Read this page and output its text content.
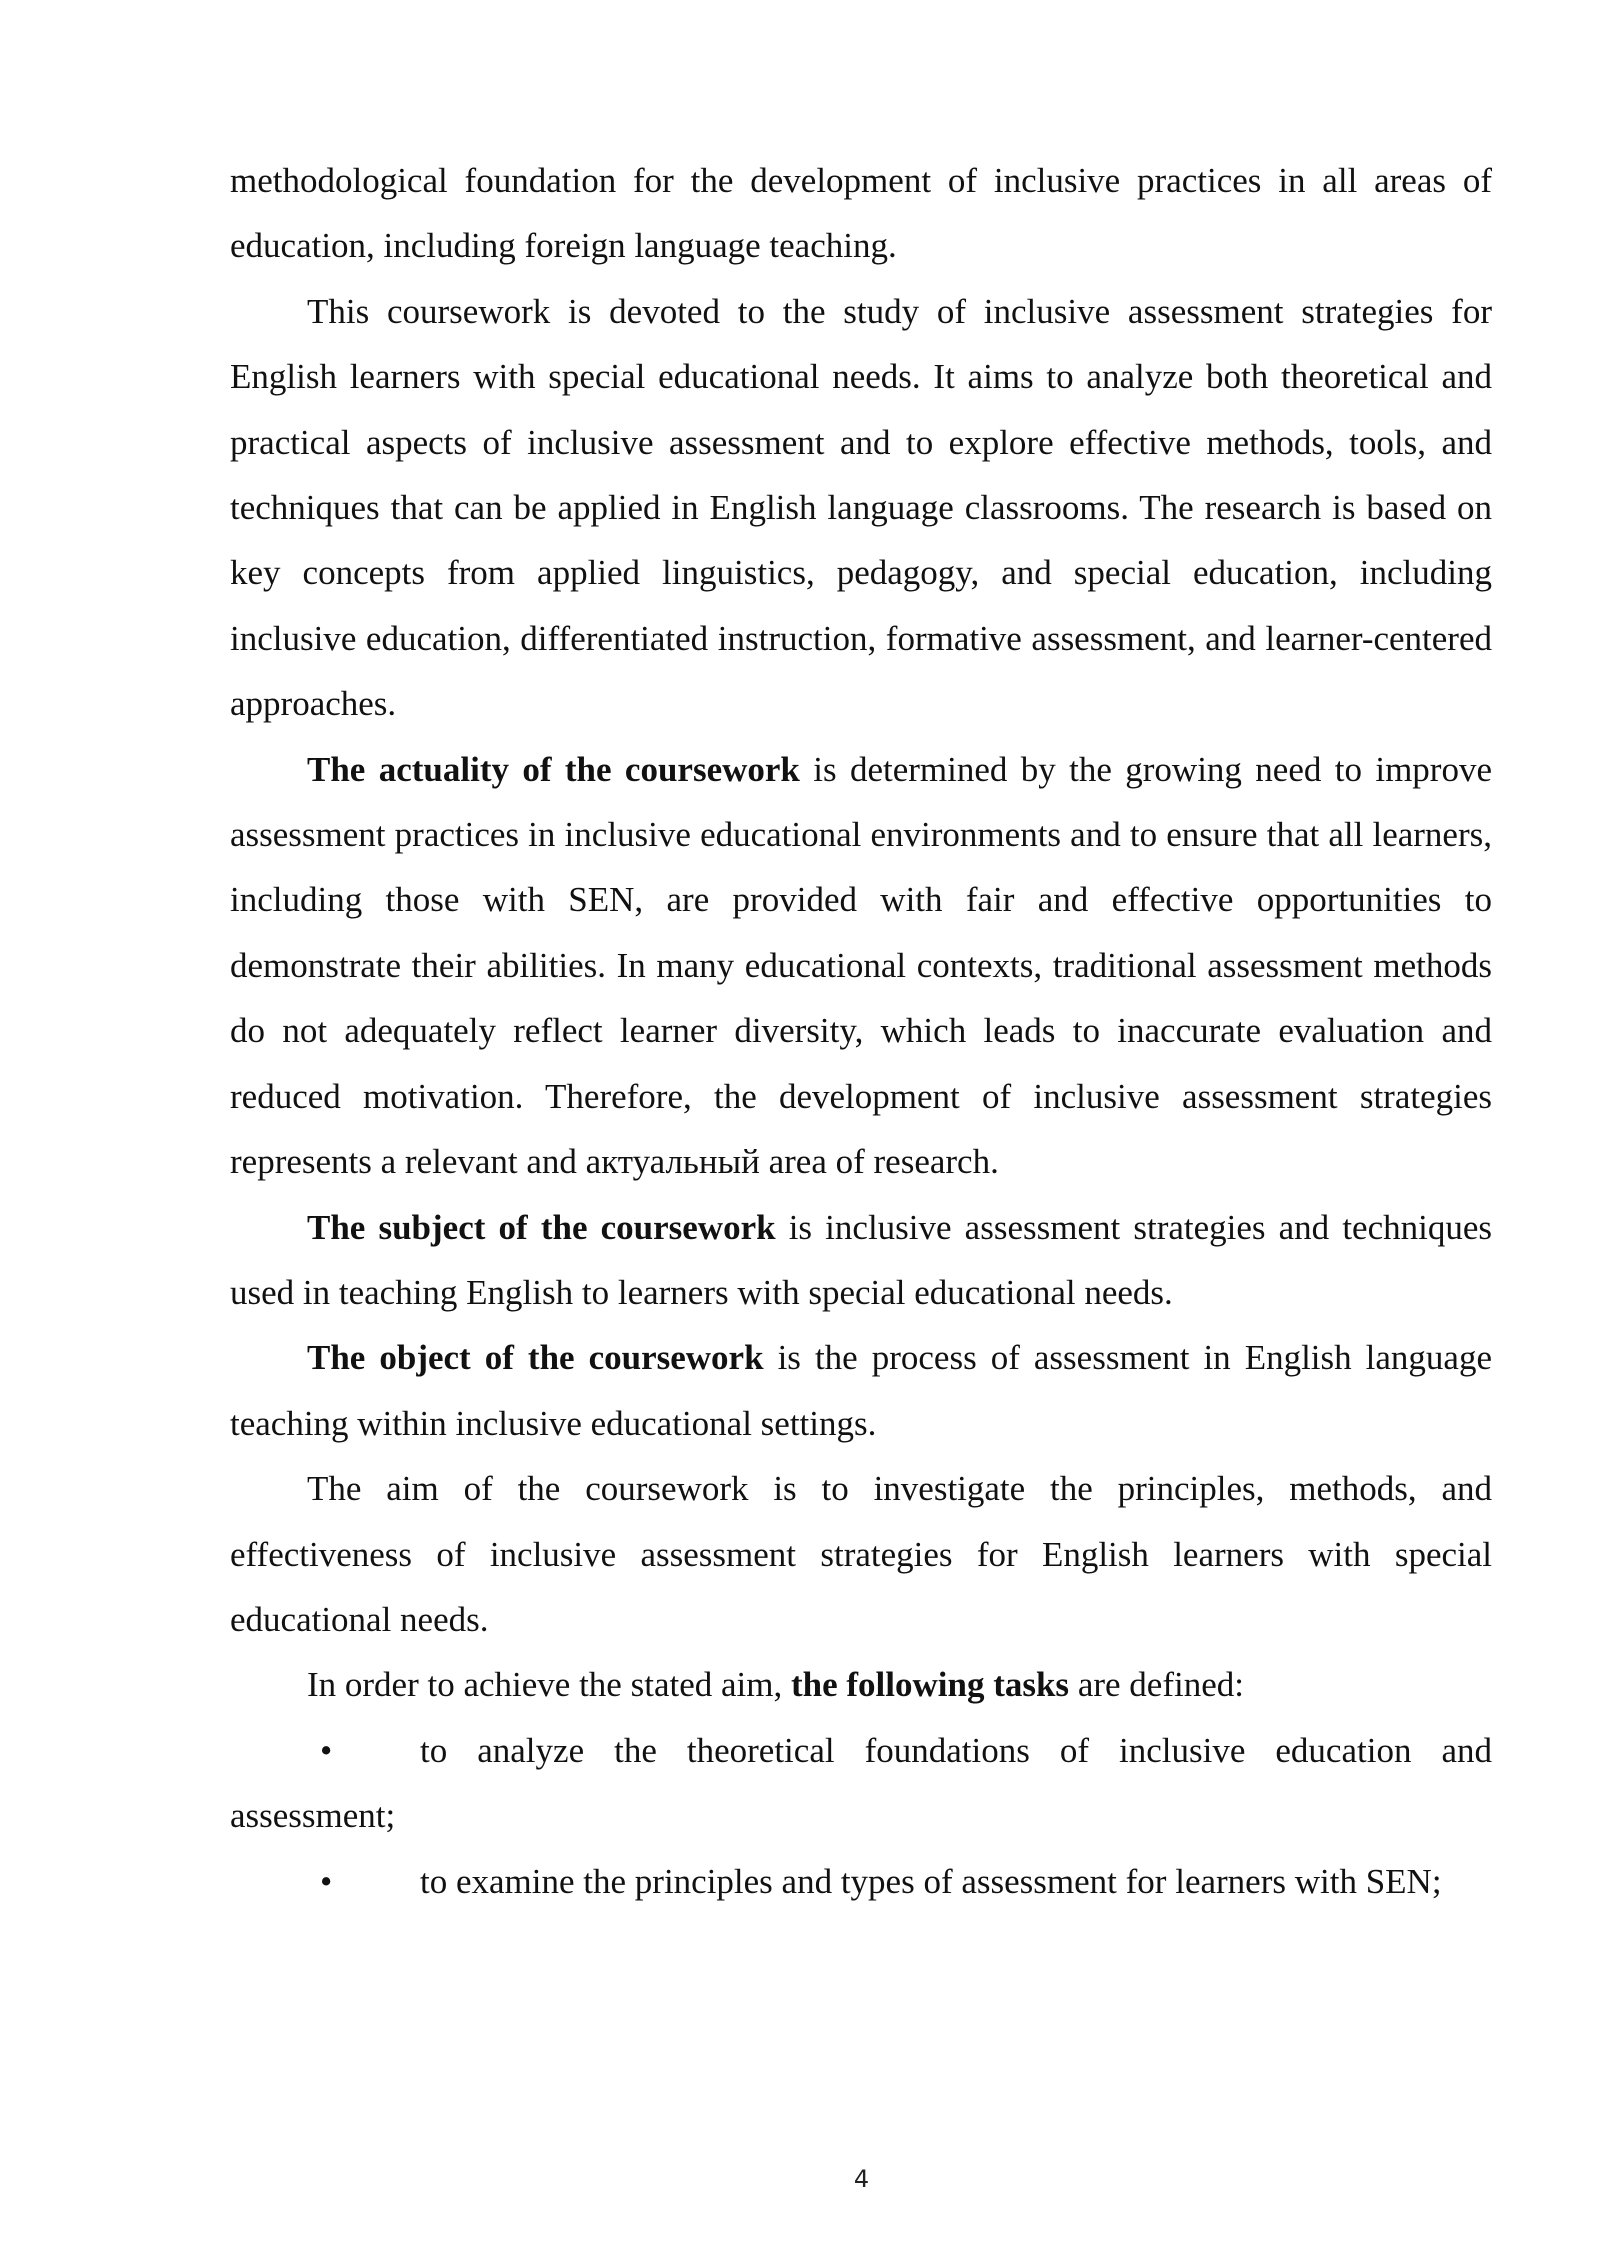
methodological foundation for the development of inclusive practices in all areas of education, including foreign language teaching.

This coursework is devoted to the study of inclusive assessment strategies for English learners with special educational needs. It aims to analyze both theoretical and practical aspects of inclusive assessment and to explore effective methods, tools, and techniques that can be applied in English language classrooms. The research is based on key concepts from applied linguistics, pedagogy, and special education, including inclusive education, differentiated instruction, formative assessment, and learner-centered approaches.

The actuality of the coursework is determined by the growing need to improve assessment practices in inclusive educational environments and to ensure that all learners, including those with SEN, are provided with fair and effective opportunities to demonstrate their abilities. In many educational contexts, traditional assessment methods do not adequately reflect learner diversity, which leads to inaccurate evaluation and reduced motivation. Therefore, the development of inclusive assessment strategies represents a relevant and актуальный area of research.

The subject of the coursework is inclusive assessment strategies and techniques used in teaching English to learners with special educational needs.

The object of the coursework is the process of assessment in English language teaching within inclusive educational settings.

The aim of the coursework is to investigate the principles, methods, and effectiveness of inclusive assessment strategies for English learners with special educational needs.

In order to achieve the stated aim, the following tasks are defined:

•	to analyze the theoretical foundations of inclusive education and assessment;

•	to examine the principles and types of assessment for learners with SEN;

4
